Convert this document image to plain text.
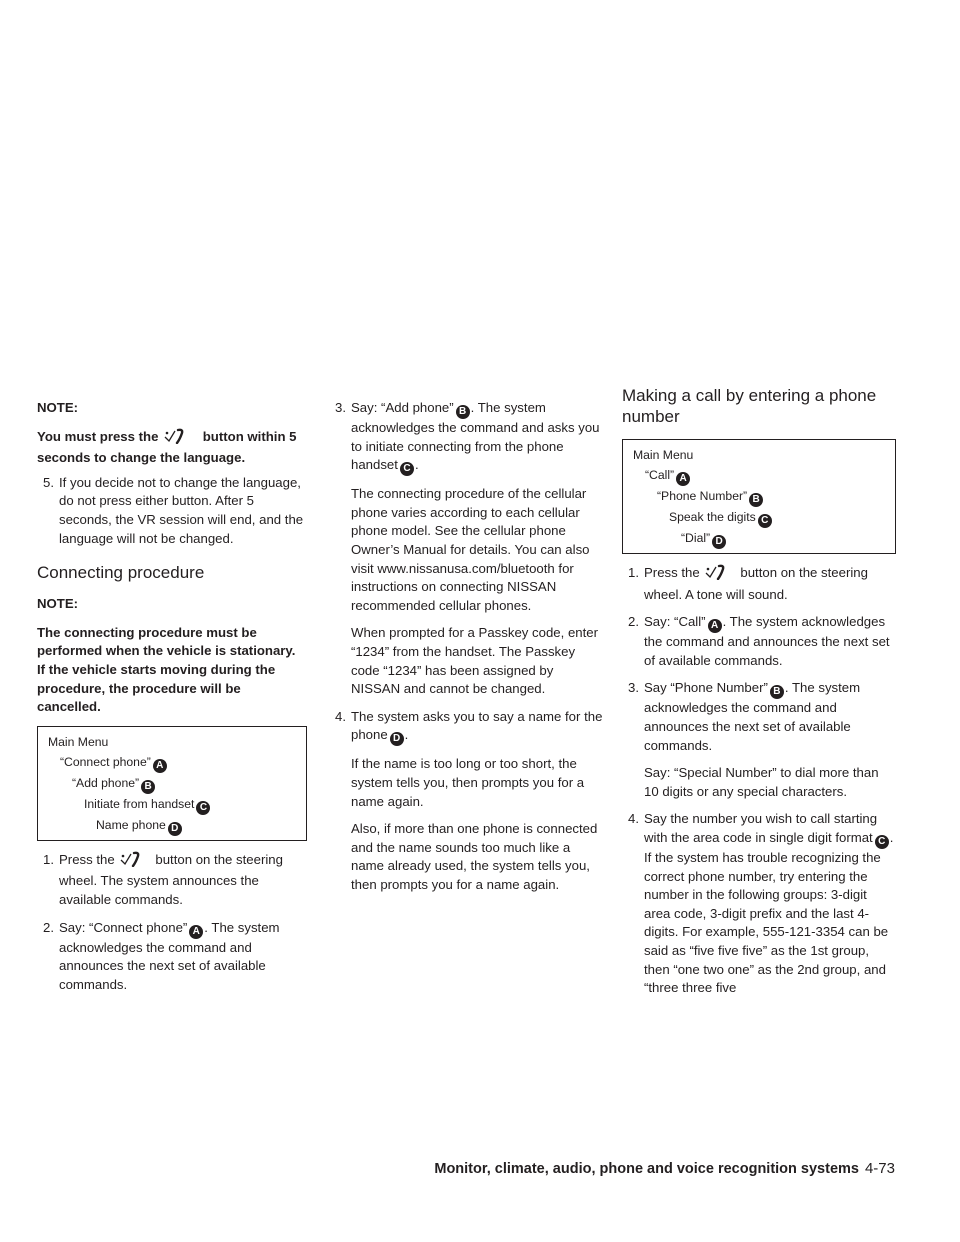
NOTE:

You must press the	button within 5 seconds to change the language.

5. If you decide not to change the language, do not press either button. After 5 seconds, the VR session will end, and the language will not be changed.
Connecting procedure

NOTE:

The connecting procedure must be performed when the vehicle is stationary. If the vehicle starts moving during the procedure, the procedure will be cancelled.

Main Menu
“Connect phone” A
“Add phone” B
Initiate from handset C
Name phone D
1. Press the	button on the steering wheel. The system announces the available commands.
2. Say: “Connect phone” A . The system acknowledges the command and announces the next set of available commands.
3. Say: “Add phone” B . The system acknowledges the command and asks you to initiate connecting from the phone handset C .

The connecting procedure of the cellular phone varies according to each cellular phone model. See the cellular phone Owner’s Manual for details. You can also visit www.nissanusa.com/bluetooth for instructions on connecting NISSAN recommended cellular phones.

When prompted for a Passkey code, enter “1234” from the handset. The Passkey code “1234” has been assigned by NISSAN and cannot be changed.

4. The system asks you to say a name for the phone D .

If the name is too long or too short, the system tells you, then prompts you for a name again.

Also, if more than one phone is connected and the name sounds too much like a name already used, the system tells you, then prompts you for a name again.

Making a call by entering a phone number
Main Menu
“Call” A
“Phone Number” B
Speak the digits C
“Dial” D
1. Press the	button on the steering wheel. A tone will sound.
2. Say: “Call” A . The system acknowledges the command and announces the next set of available commands.
3. Say “Phone Number” B . The system acknowledges the command and announces the next set of available commands.

Say: “Special Number” to dial more than 10 digits or any special characters.

4. Say the number you wish to call starting with the area code in single digit format C . If the system has trouble recognizing the correct phone number, try entering the number in the following groups: 3-digit area code, 3-digit prefix and the last 4-digits. For example, 555-121-3354 can be said as “five five five” as the 1st group, then “one two one” as the 2nd group, and “three three five
Monitor, climate, audio, phone and voice recognition systems 4-73
